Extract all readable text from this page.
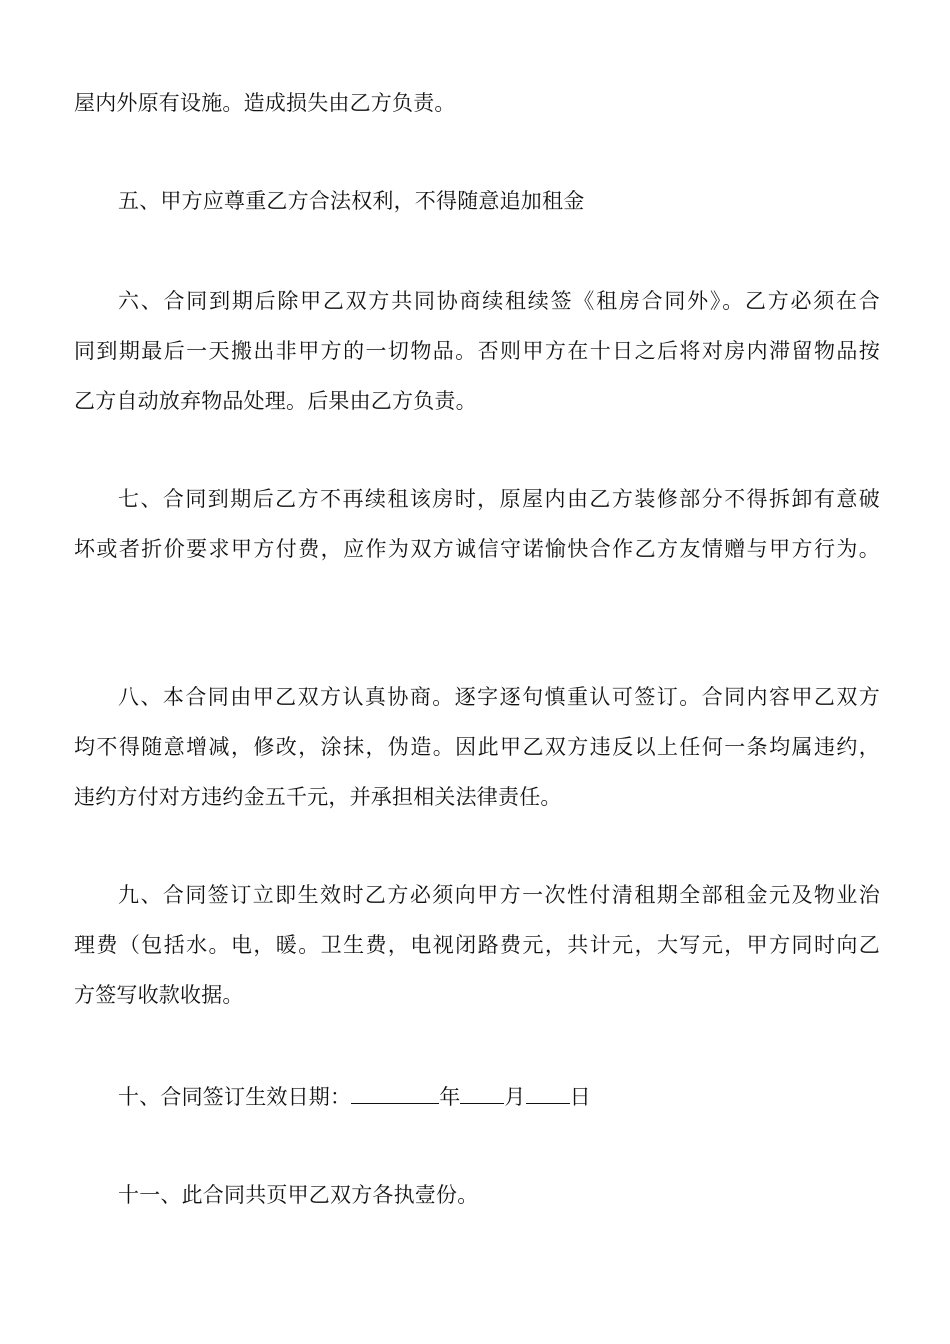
屋内外原有设施。造成损失由乙方负责。
五、甲方应尊重乙方合法权利，不得随意追加租金
六、合同到期后除甲乙双方共同协商续租续签《租房合同外》。乙方必须在合
同到期最后一天搬出非甲方的一切物品。否则甲方在十日之后将对房内滞留物品按
乙方自动放弃物品处理。后果由乙方负责。
七、合同到期后乙方不再续租该房时，原屋内由乙方装修部分不得拆卸有意破
坏或者折价要求甲方付费，应作为双方诚信守诺愉快合作乙方友情赠与甲方行为。
八、本合同由甲乙双方认真协商。逐字逐句慎重认可签订。合同内容甲乙双方
均不得随意增减，修改，涂抹，伪造。因此甲乙双方违反以上任何一条均属违约，
违约方付对方违约金五千元，并承担相关法律责任。
九、合同签订立即生效时乙方必须向甲方一次性付清租期全部租金元及物业治
理费（包括水。电，暖。卫生费，电视闭路费元，共计元，大写元，甲方同时向乙
方签写收款收据。
十、合同签订生效日期：	年 月 日
十一、此合同共页甲乙双方各执壹份。
